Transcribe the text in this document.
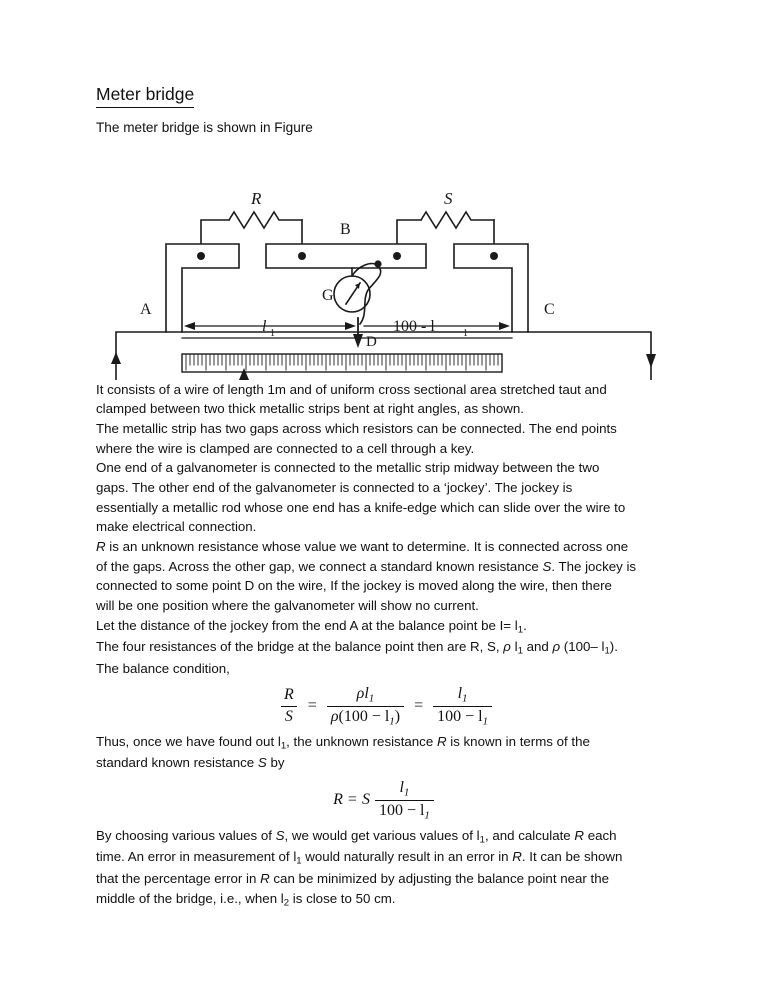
Meter bridge

The meter bridge is shown in Figure

R	S
B
A	C
G
D
l 1	100 - l	1

It consists of a wire of length 1m and of uniform cross sectional area stretched taut and
clamped between two thick metallic strips bent at right angles, as shown.

The metallic strip has two gaps across which resistors can be connected. The end points
where the wire is clamped are connected to a cell through a key.

One end of a galvanometer is connected to the metallic strip midway between the two
gaps. The other end of the galvanometer is connected to a ‘jockey’. The jockey is
essentially a metallic rod whose one end has a knife-edge which can slide over the wire to
make electrical connection.

R is an unknown resistance whose value we want to determine. It is connected across one
of the gaps. Across the other gap, we connect a standard known resistance S. The jockey is
connected to some point D on the wire, If the jockey is moved along the wire, then there
will be one position where the galvanometer will show no current.

Let the distance of the jockey from the end A at the balance point be $I= l_1$.
The four resistances of the bridge at the balance point then are R, S, ρ $l_1$ and ρ (100– $l_1$).
The balance condition,

$\frac{R}{S} = \frac{\rho l_1}{\rho(100 - l_1)} = \frac{l_1}{100 - l_1}$

Thus, once we have found out $l_1$, the unknown resistance R is known in terms of the
standard known resistance S by

R = S $\frac{l_1}{100 - l_1}$

By choosing various values of S, we would get various values of $l_1$, and calculate R each
time. An error in measurement of $l_1$ would naturally result in an error in R. It can be shown

that the percentage error in R can be minimized by adjusting the balance point near the
middle of the bridge, i.e., when $l_2$ is close to 50 cm.
